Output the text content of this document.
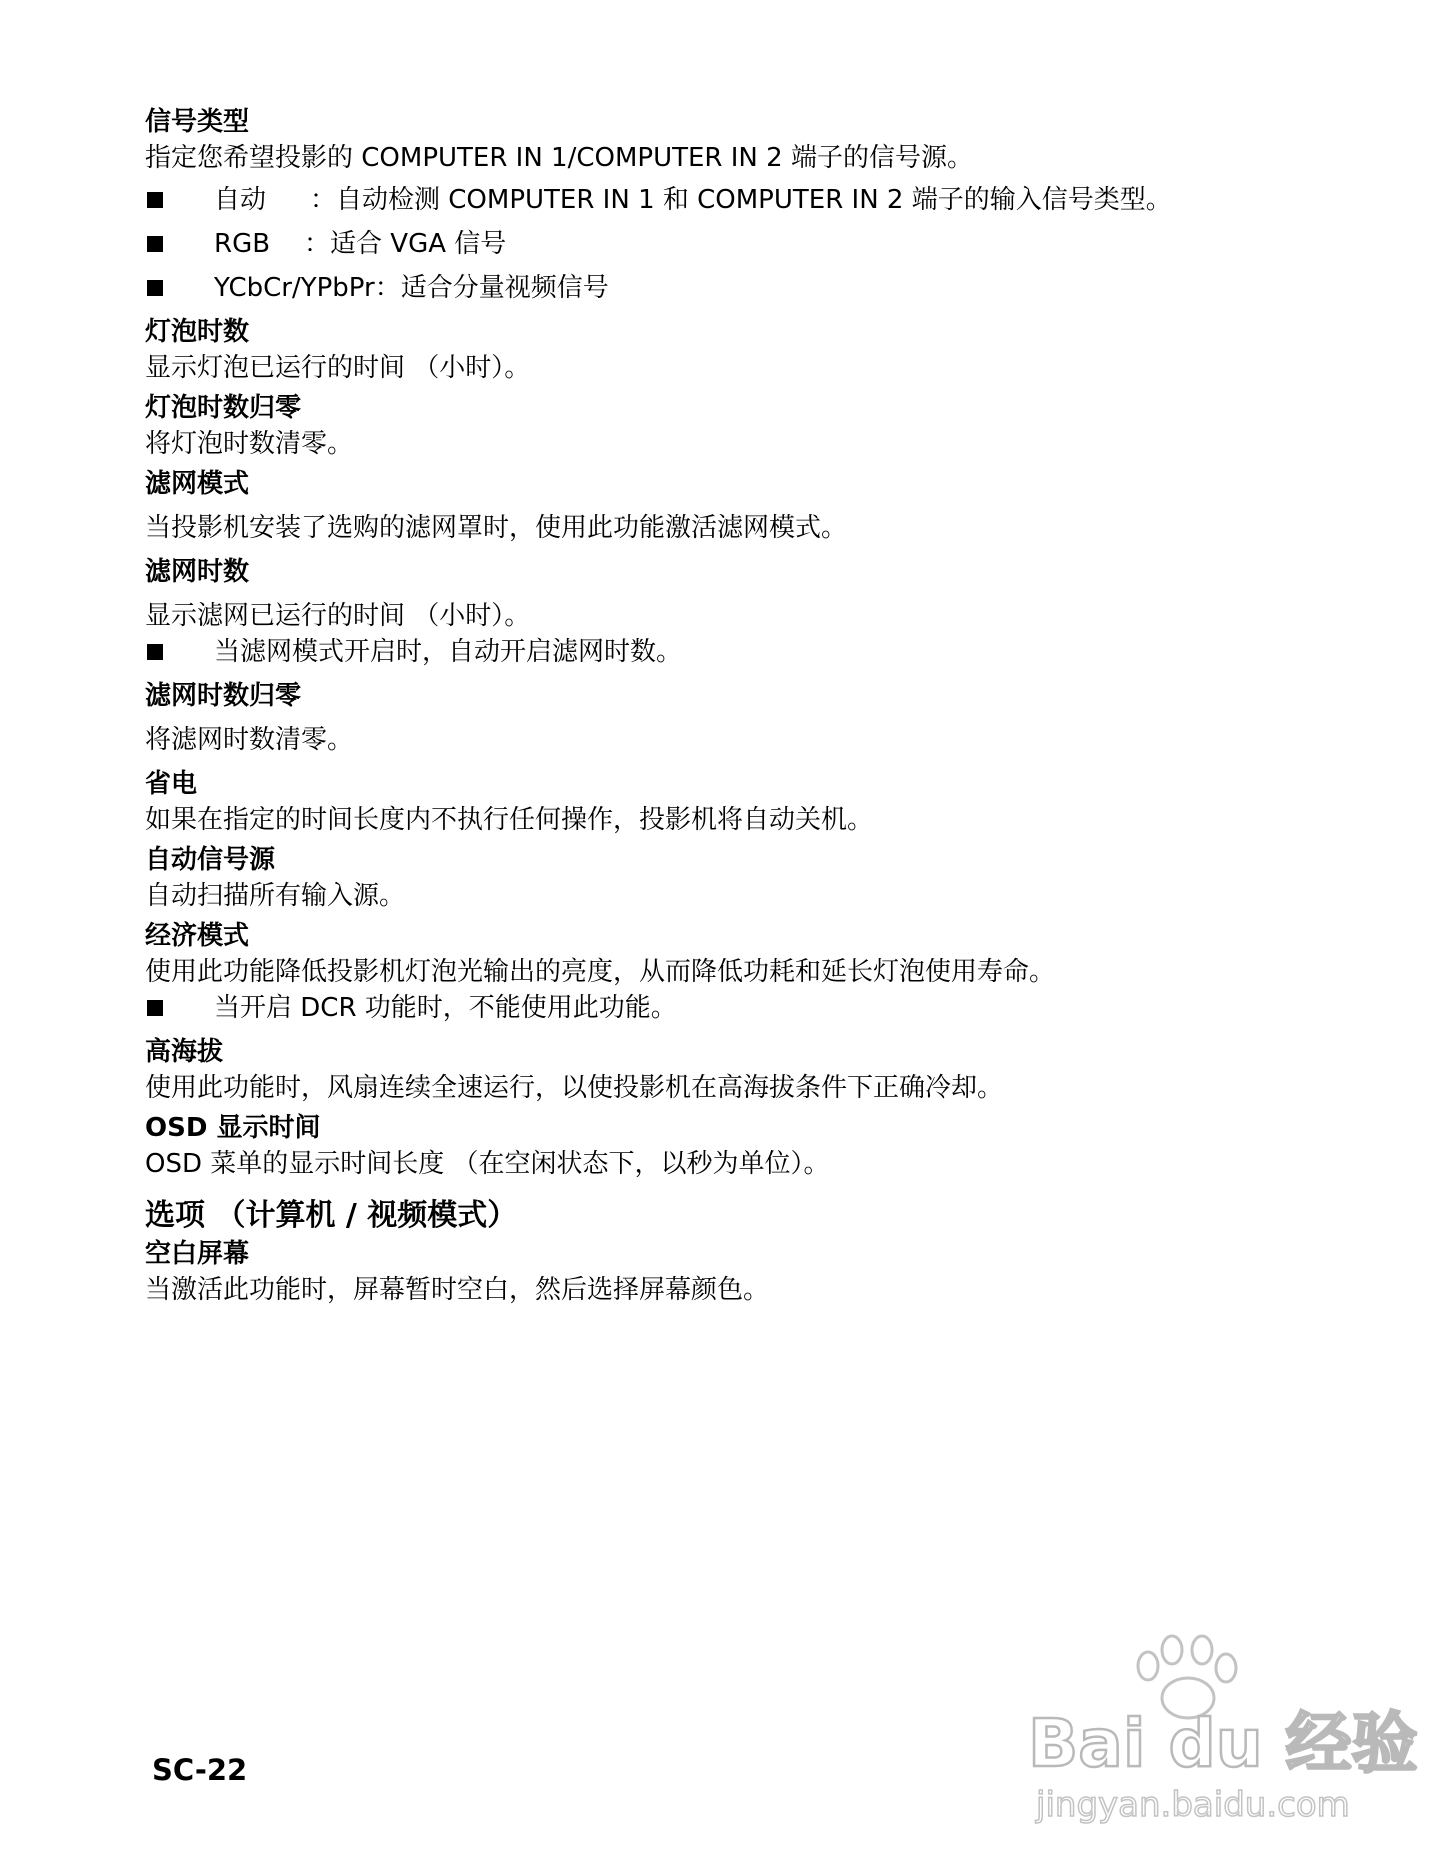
信号类型
指定您希望投影的 COMPUTER IN 1/COMPUTER IN 2 端子的信号源。
自动	： 自动检测 COMPUTER IN 1 和 COMPUTER IN 2 端子的输入信号类型。
RGB	： 适合 VGA 信号
YCbCr/YPbPr ： 适合分量视频信号
灯泡时数
显示灯泡已运行的时间 （小时）。
灯泡时数归零
将灯泡时数清零。
滤网模式
当投影机安装了选购的滤网罩时，使用此功能激活滤网模式。
滤网时数
显示滤网已运行的时间 （小时）。
当滤网模式开启时，自动开启滤网时数。
滤网时数归零
将滤网时数清零。
省电
如果在指定的时间长度内不执行任何操作，投影机将自动关机。
自动信号源
自动扫描所有输入源。
经济模式
使用此功能降低投影机灯泡光输出的亮度，从而降低功耗和延长灯泡使用寿命。
当开启 DCR 功能时，不能使用此功能。
高海拔
使用此功能时，风扇连续全速运行，以使投影机在高海拔条件下正确冷却。
OSD 显示时间
OSD 菜单的显示时间长度 （在空闲状态下，以秒为单位）。
选项 （计算机 / 视频模式）
空白屏幕
当激活此功能时，屏幕暂时空白，然后选择屏幕颜色。
SC-22	Bai du 经验
jingyan.baidu.com
